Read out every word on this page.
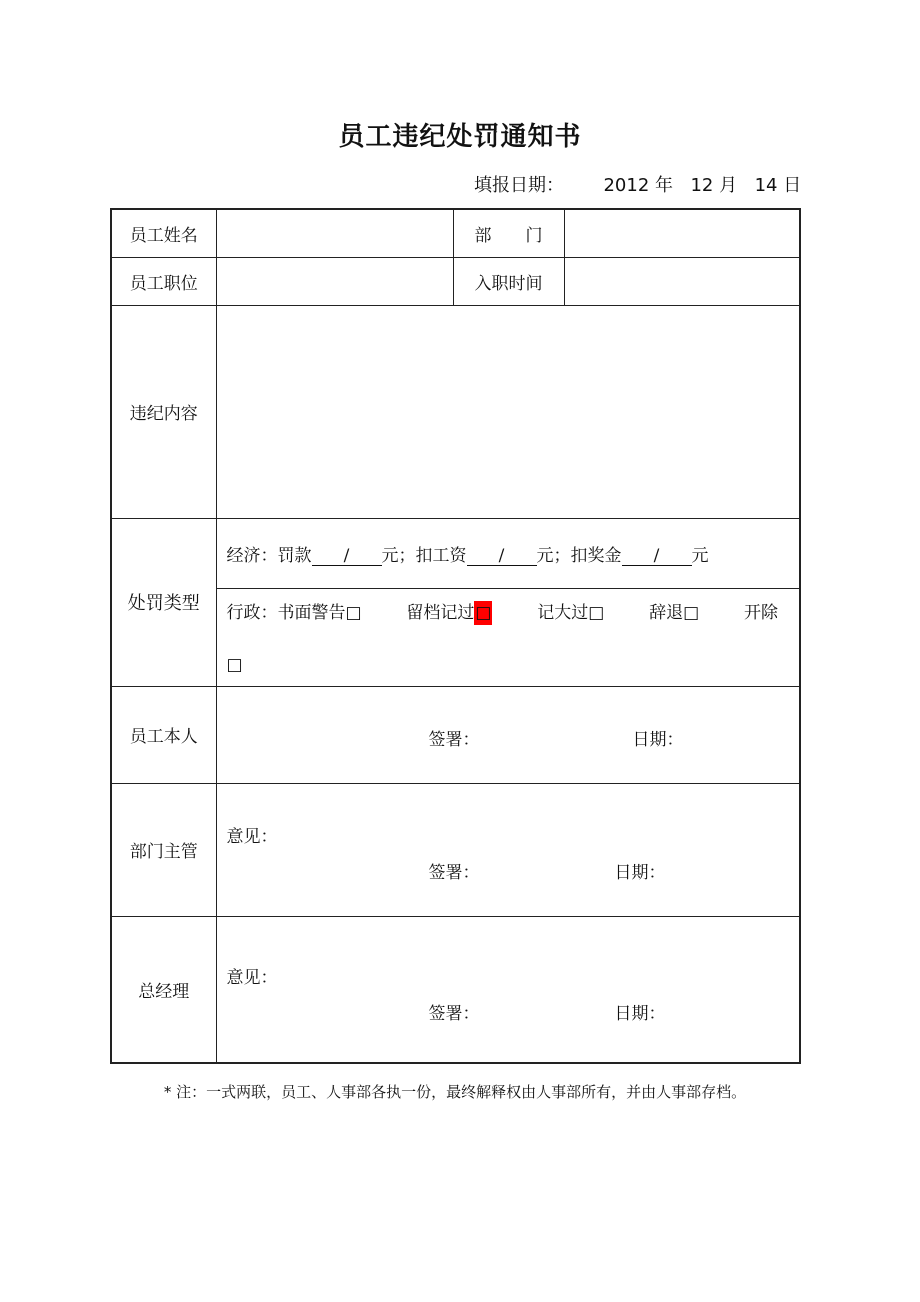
员工违纪处罚通知书
填报日期： 2012 年 12 月 14 日
员工姓名		部　　门	
员工职位		入职时间	
违纪内容			
处罚类型	经济：罚款 / 元；扣工资 / 元；扣奖金 / 元		

	行政：书面警告□ 留档记过□ 记大过□ 辞退□ 开除
□		

员工本人	签署： 日期：		

部门主管	意见：
签署： 日期：		

总经理	意见：
签署： 日期：		
* 注：一式两联，员工、人事部各执一份，最终解释权由人事部所有，并由人事部存档。
